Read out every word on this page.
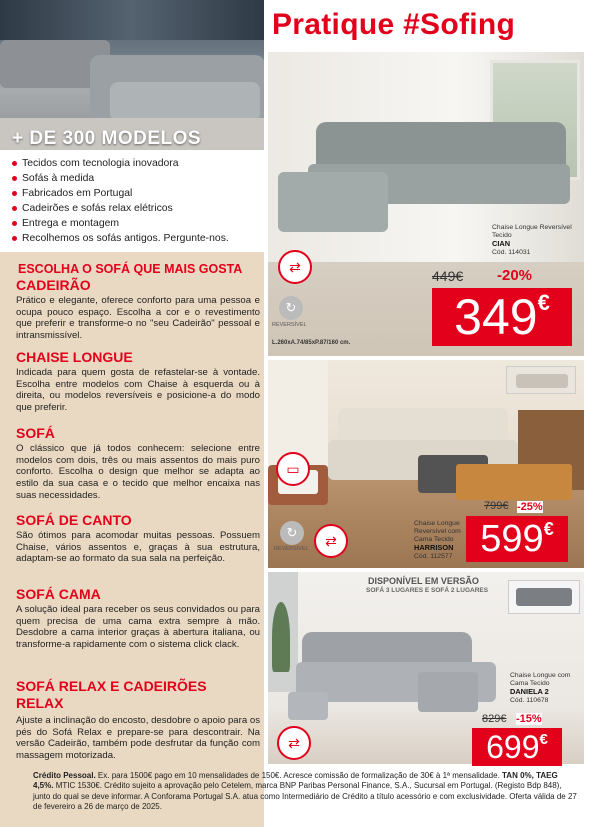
+ DE 300 MODELOS
Tecidos com tecnologia inovadora
Sofás à medida
Fabricados em Portugal
Cadeirões e sofás relax elétricos
Entrega e montagem
Recolhemos os sofás antigos. Pergunte-nos.
ESCOLHA O SOFÁ QUE MAIS GOSTA
CADEIRÃO
Prático e elegante, oferece conforto para uma pessoa e ocupa pouco espaço. Escolha a cor e o revestimento que preferir e transforme-o no "seu Cadeirão" pessoal e intransmissível.
CHAISE LONGUE
Indicada para quem gosta de refastelar-se à vontade. Escolha entre modelos com Chaise à esquerda ou à direita, ou modelos reversíveis e posicione-a do modo que preferir.
SOFÁ
O clássico que já todos conhecem: selecione entre modelos com dois, três ou mais assentos do mais puro conforto. Escolha o design que melhor se adapta ao estilo da sua casa e o tecido que melhor encaixa nas suas necessidades.
SOFÁ DE CANTO
São ótimos para acomodar muitas pessoas. Possuem Chaise, vários assentos e, graças à sua estrutura, adaptam-se ao formato da sua sala na perfeição.
SOFÁ CAMA
A solução ideal para receber os seus convidados ou para quem precisa de uma cama extra sempre à mão. Desdobre a cama interior graças à abertura italiana, ou transforme-a rapidamente com o sistema click clack.
SOFÁ RELAX E CADEIRÕES RELAX
Ajuste a inclinação do encosto, desdobre o apoio para os pés do Sofá Relax e prepare-se para descontrair. Na versão Cadeirão, também pode desfrutar da função com massagem motorizada.
Pratique #Sofing
⇄
↻
REVERSÍVEL
L.260xA.74/85xP.87/160 cm.
Chaise Longue Reversível Tecido
CIAN
Cód. 114031
449€ -20%
349€
▭
⇄
↻
REVERSÍVEL
Chaise Longue Reversível com Cama Tecido
HARRISON
Cód. 112577
799€ -25%
599€
DISPONÍVEL EM VERSÃO
SOFÁ 3 LUGARES E SOFÁ 2 LUGARES
⇄
Chaise Longue com Cama Tecido
DANIELA 2
Cód. 110678
829€ -15%
699€
Crédito Pessoal. Ex. para 1500€ pago em 10 mensalidades de 150€. Acresce comissão de formalização de 30€ à 1ª mensalidade. TAN 0%, TAEG 4,5%. MTIC 1530€. Crédito sujeito a aprovação pelo Cetelem, marca BNP Paribas Personal Finance, S.A., Sucursal em Portugal. (Registo Bdp 848), junto do qual se deve informar. A Conforama Portugal S.A. atua como Intermediário de Crédito a título acessório e com exclusividade. Oferta válida de 27 de fevereiro a 26 de março de 2025.
